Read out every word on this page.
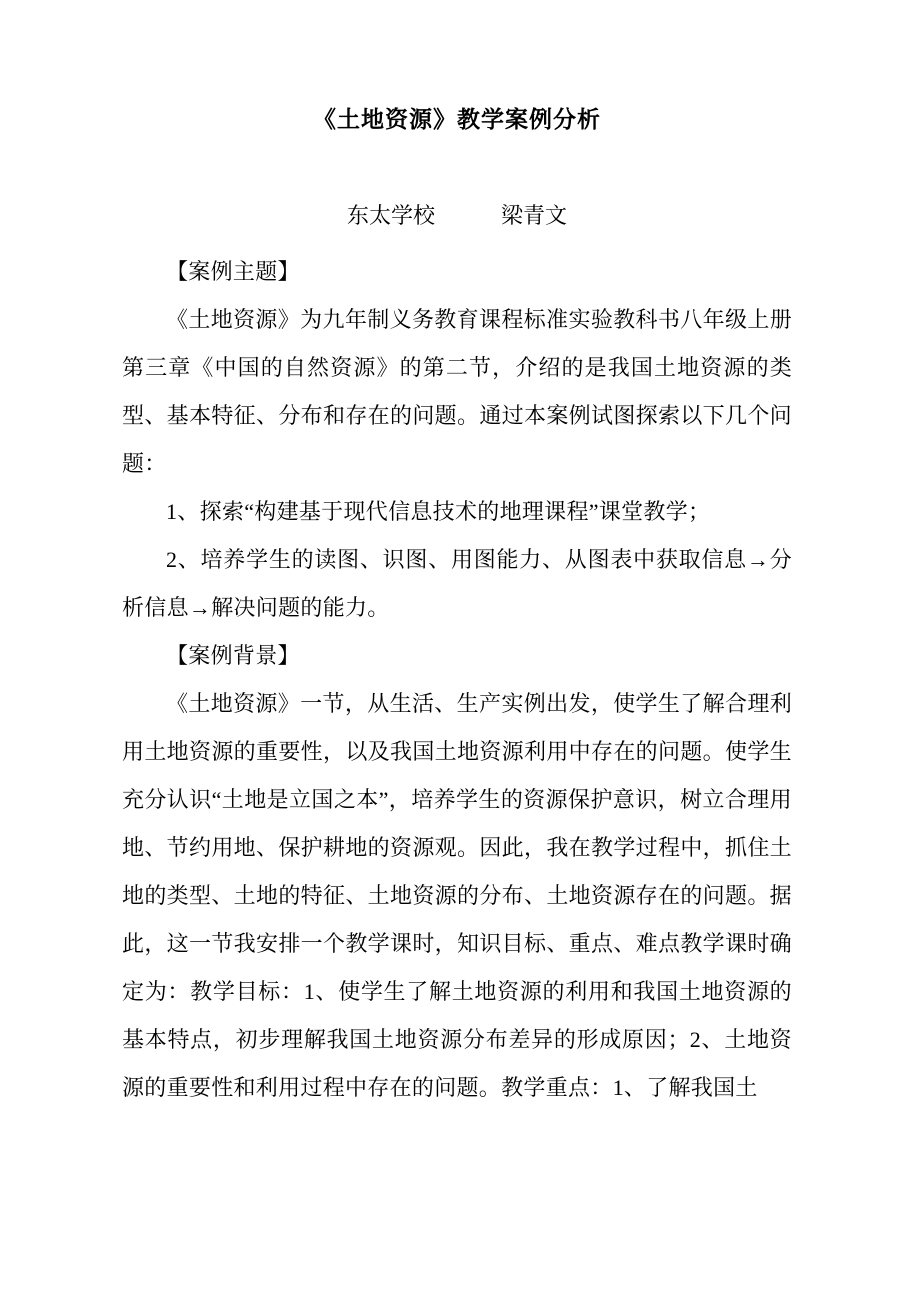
《土地资源》教学案例分析

东太学校　　　梁青文

【案例主题】

《土地资源》为九年制义务教育课程标准实验教科书八年级上册第三章《中国的自然资源》的第二节，介绍的是我国土地资源的类型、基本特征、分布和存在的问题。通过本案例试图探索以下几个问题：

1、探索“构建基于现代信息技术的地理课程”课堂教学；

2、培养学生的读图、识图、用图能力、从图表中获取信息→分析信息→解决问题的能力。

【案例背景】

《土地资源》一节，从生活、生产实例出发，使学生了解合理利用土地资源的重要性，以及我国土地资源利用中存在的问题。使学生充分认识“土地是立国之本”，培养学生的资源保护意识，树立合理用地、节约用地、保护耕地的资源观。因此，我在教学过程中，抓住土地的类型、土地的特征、土地资源的分布、土地资源存在的问题。据此，这一节我安排一个教学课时，知识目标、重点、难点教学课时确定为：教学目标：1、使学生了解土地资源的利用和我国土地资源的基本特点，初步理解我国土地资源分布差异的形成原因；2、土地资源的重要性和利用过程中存在的问题。教学重点：1、了解我国土
